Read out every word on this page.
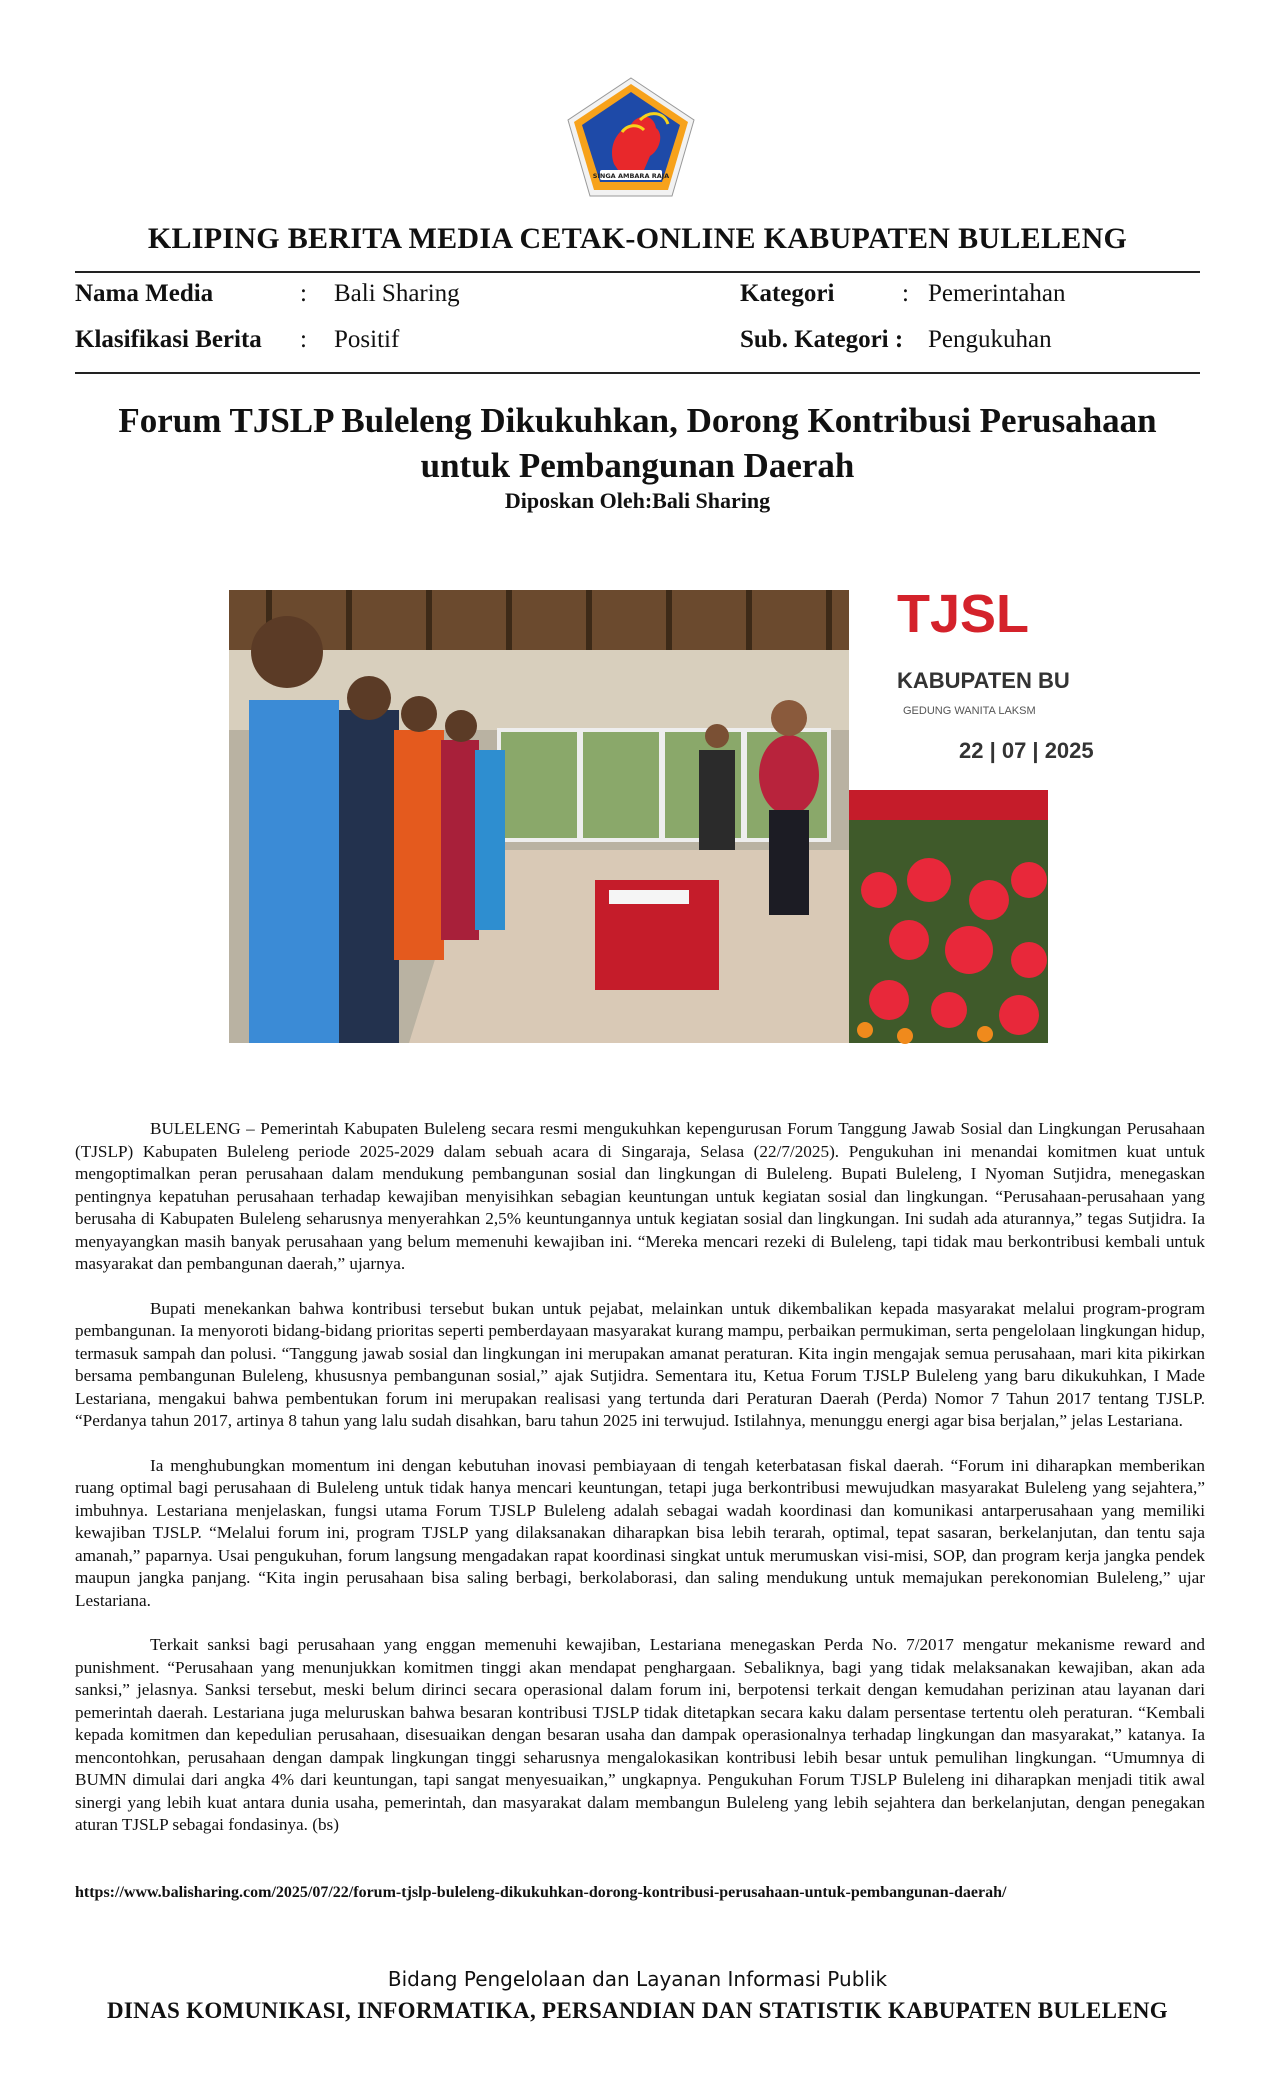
SINGA AMBARA RAJA
KLIPING BERITA MEDIA CETAK-ONLINE KABUPATEN BULELENG
Nama Media	: Bali Sharing
Klasifikasi Berita : Positif
Kategori	: Pemerintahan
Sub. Kategori : Pengukuhan
Forum TJSLP Buleleng Dikukuhkan, Dorong Kontribusi Perusahaan untuk Pembangunan Daerah
Diposkan Oleh:Bali Sharing
TJSL
KABUPATEN BU
GEDUNG WANITA LAKSM
22 | 07 | 2025

BULELENG – Pemerintah Kabupaten Buleleng secara resmi mengukuhkan kepengurusan Forum Tanggung Jawab Sosial dan Lingkungan Perusahaan (TJSLP) Kabupaten Buleleng periode 2025-2029 dalam sebuah acara di Singaraja, Selasa (22/7/2025). Pengukuhan ini menandai komitmen kuat untuk mengoptimalkan peran perusahaan dalam mendukung pembangunan sosial dan lingkungan di Buleleng. Bupati Buleleng, I Nyoman Sutjidra, menegaskan pentingnya kepatuhan perusahaan terhadap kewajiban menyisihkan sebagian keuntungan untuk kegiatan sosial dan lingkungan. “Perusahaan-perusahaan yang berusaha di Kabupaten Buleleng seharusnya menyerahkan 2,5% keuntungannya untuk kegiatan sosial dan lingkungan. Ini sudah ada aturannya,” tegas Sutjidra. Ia menyayangkan masih banyak perusahaan yang belum memenuhi kewajiban ini. “Mereka mencari rezeki di Buleleng, tapi tidak mau berkontribusi kembali untuk masyarakat dan pembangunan daerah,” ujarnya.

Bupati menekankan bahwa kontribusi tersebut bukan untuk pejabat, melainkan untuk dikembalikan kepada masyarakat melalui program-program pembangunan. Ia menyoroti bidang-bidang prioritas seperti pemberdayaan masyarakat kurang mampu, perbaikan permukiman, serta pengelolaan lingkungan hidup, termasuk sampah dan polusi. “Tanggung jawab sosial dan lingkungan ini merupakan amanat peraturan. Kita ingin mengajak semua perusahaan, mari kita pikirkan bersama pembangunan Buleleng, khususnya pembangunan sosial,” ajak Sutjidra. Sementara itu, Ketua Forum TJSLP Buleleng yang baru dikukuhkan, I Made Lestariana, mengakui bahwa pembentukan forum ini merupakan realisasi yang tertunda dari Peraturan Daerah (Perda) Nomor 7 Tahun 2017 tentang TJSLP. “Perdanya tahun 2017, artinya 8 tahun yang lalu sudah disahkan, baru tahun 2025 ini terwujud. Istilahnya, menunggu energi agar bisa berjalan,” jelas Lestariana.

Ia menghubungkan momentum ini dengan kebutuhan inovasi pembiayaan di tengah keterbatasan fiskal daerah. “Forum ini diharapkan memberikan ruang optimal bagi perusahaan di Buleleng untuk tidak hanya mencari keuntungan, tetapi juga berkontribusi mewujudkan masyarakat Buleleng yang sejahtera,” imbuhnya. Lestariana menjelaskan, fungsi utama Forum TJSLP Buleleng adalah sebagai wadah koordinasi dan komunikasi antarperusahaan yang memiliki kewajiban TJSLP. “Melalui forum ini, program TJSLP yang dilaksanakan diharapkan bisa lebih terarah, optimal, tepat sasaran, berkelanjutan, dan tentu saja amanah,” paparnya. Usai pengukuhan, forum langsung mengadakan rapat koordinasi singkat untuk merumuskan visi-misi, SOP, dan program kerja jangka pendek maupun jangka panjang. “Kita ingin perusahaan bisa saling berbagi, berkolaborasi, dan saling mendukung untuk memajukan perekonomian Buleleng,” ujar Lestariana.

Terkait sanksi bagi perusahaan yang enggan memenuhi kewajiban, Lestariana menegaskan Perda No. 7/2017 mengatur mekanisme reward and punishment. “Perusahaan yang menunjukkan komitmen tinggi akan mendapat penghargaan. Sebaliknya, bagi yang tidak melaksanakan kewajiban, akan ada sanksi,” jelasnya. Sanksi tersebut, meski belum dirinci secara operasional dalam forum ini, berpotensi terkait dengan kemudahan perizinan atau layanan dari pemerintah daerah. Lestariana juga meluruskan bahwa besaran kontribusi TJSLP tidak ditetapkan secara kaku dalam persentase tertentu oleh peraturan. “Kembali kepada komitmen dan kepedulian perusahaan, disesuaikan dengan besaran usaha dan dampak operasionalnya terhadap lingkungan dan masyarakat,” katanya. Ia mencontohkan, perusahaan dengan dampak lingkungan tinggi seharusnya mengalokasikan kontribusi lebih besar untuk pemulihan lingkungan. “Umumnya di BUMN dimulai dari angka 4% dari keuntungan, tapi sangat menyesuaikan,” ungkapnya. Pengukuhan Forum TJSLP Buleleng ini diharapkan menjadi titik awal sinergi yang lebih kuat antara dunia usaha, pemerintah, dan masyarakat dalam membangun Buleleng yang lebih sejahtera dan berkelanjutan, dengan penegakan aturan TJSLP sebagai fondasinya. (bs)

https://www.balisharing.com/2025/07/22/forum-tjslp-buleleng-dikukuhkan-dorong-kontribusi-perusahaan-untuk-pembangunan-daerah/
Bidang Pengelolaan dan Layanan Informasi Publik
DINAS KOMUNIKASI, INFORMATIKA, PERSANDIAN DAN STATISTIK KABUPATEN BULELENG
